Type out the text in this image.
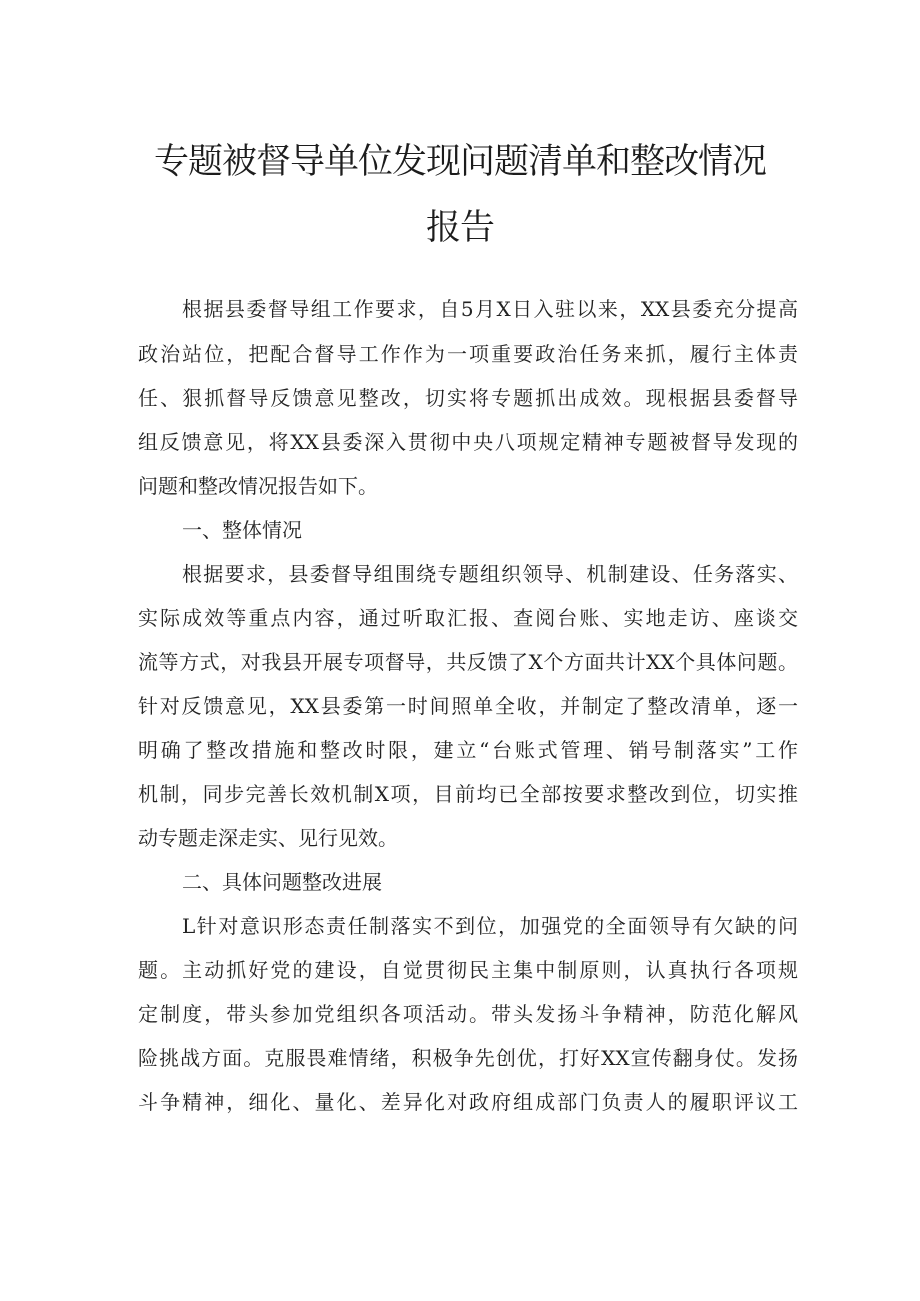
专题被督导单位发现问题清单和整改情况
报告
根据县委督导组工作要求，自5月X日入驻以来，XX县委充分提高
政治站位，把配合督导工作作为一项重要政治任务来抓，履行主体责
任、狠抓督导反馈意见整改，切实将专题抓出成效。现根据县委督导
组反馈意见，将XX县委深入贯彻中央八项规定精神专题被督导发现的
问题和整改情况报告如下。
一、整体情况
根据要求，县委督导组围绕专题组织领导、机制建设、任务落实、
实际成效等重点内容，通过听取汇报、查阅台账、实地走访、座谈交
流等方式，对我县开展专项督导，共反馈了X个方面共计XX个具体问题。
针对反馈意见，XX县委第一时间照单全收，并制定了整改清单，逐一
明确了整改措施和整改时限，建立“台账式管理、销号制落实”工作
机制，同步完善长效机制X项，目前均已全部按要求整改到位，切实推
动专题走深走实、见行见效。
二、具体问题整改进展
L针对意识形态责任制落实不到位，加强党的全面领导有欠缺的问
题。主动抓好党的建设，自觉贯彻民主集中制原则，认真执行各项规
定制度，带头参加党组织各项活动。带头发扬斗争精神，防范化解风
险挑战方面。克服畏难情绪，积极争先创优，打好XX宣传翻身仗。发扬
斗争精神，细化、量化、差异化对政府组成部门负责人的履职评议工
